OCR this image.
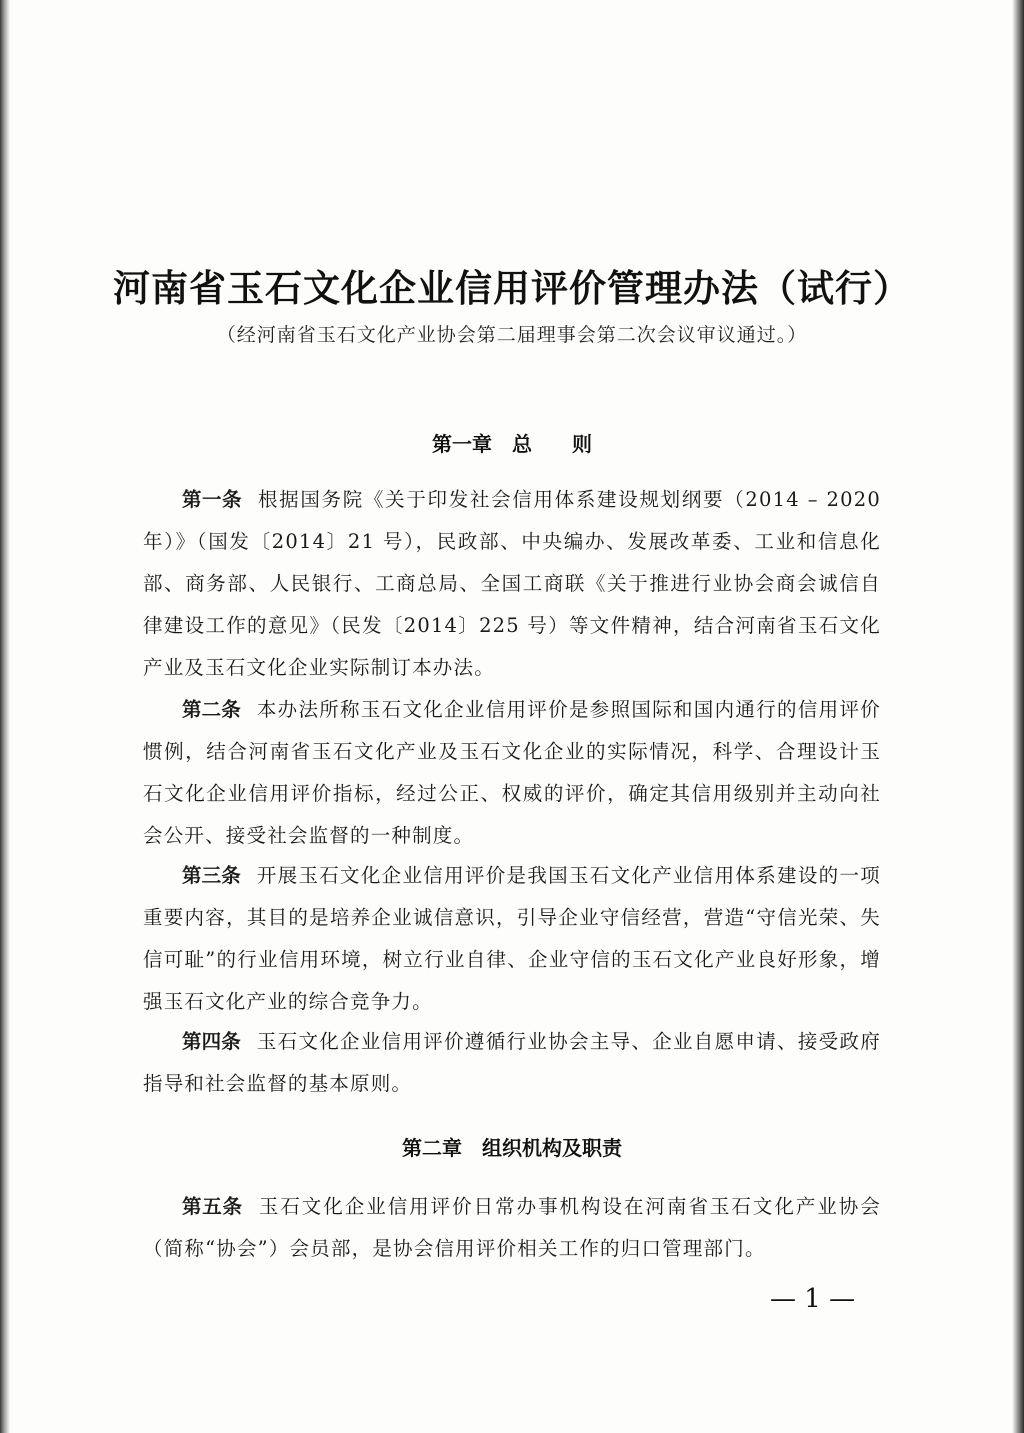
河南省玉石文化企业信用评价管理办法（试行）
（经河南省玉石文化产业协会第二届理事会第二次会议审议通过。）
第一章　总　　则

第一条 根据国务院《关于印发社会信用体系建设规划纲要（2014 – 2020 年）》（国发〔2014〕21 号），民政部、中央编办、发展改革委、工业和信息化部、商务部、人民银行、工商总局、全国工商联《关于推进行业协会商会诚信自律建设工作的意见》（民发〔2014〕225 号）等文件精神，结合河南省玉石文化产业及玉石文化企业实际制订本办法。

第二条 本办法所称玉石文化企业信用评价是参照国际和国内通行的信用评价惯例，结合河南省玉石文化产业及玉石文化企业的实际情况，科学、合理设计玉石文化企业信用评价指标，经过公正、权威的评价，确定其信用级别并主动向社会公开、接受社会监督的一种制度。

第三条 开展玉石文化企业信用评价是我国玉石文化产业信用体系建设的一项重要内容，其目的是培养企业诚信意识，引导企业守信经营，营造“守信光荣、失信可耻”的行业信用环境，树立行业自律、企业守信的玉石文化产业良好形象，增强玉石文化产业的综合竞争力。

第四条 玉石文化企业信用评价遵循行业协会主导、企业自愿申请、接受政府指导和社会监督的基本原则。

第二章　组织机构及职责

第五条 玉石文化企业信用评价日常办事机构设在河南省玉石文化产业协会（简称“协会”）会员部，是协会信用评价相关工作的归口管理部门。

— 1 —
